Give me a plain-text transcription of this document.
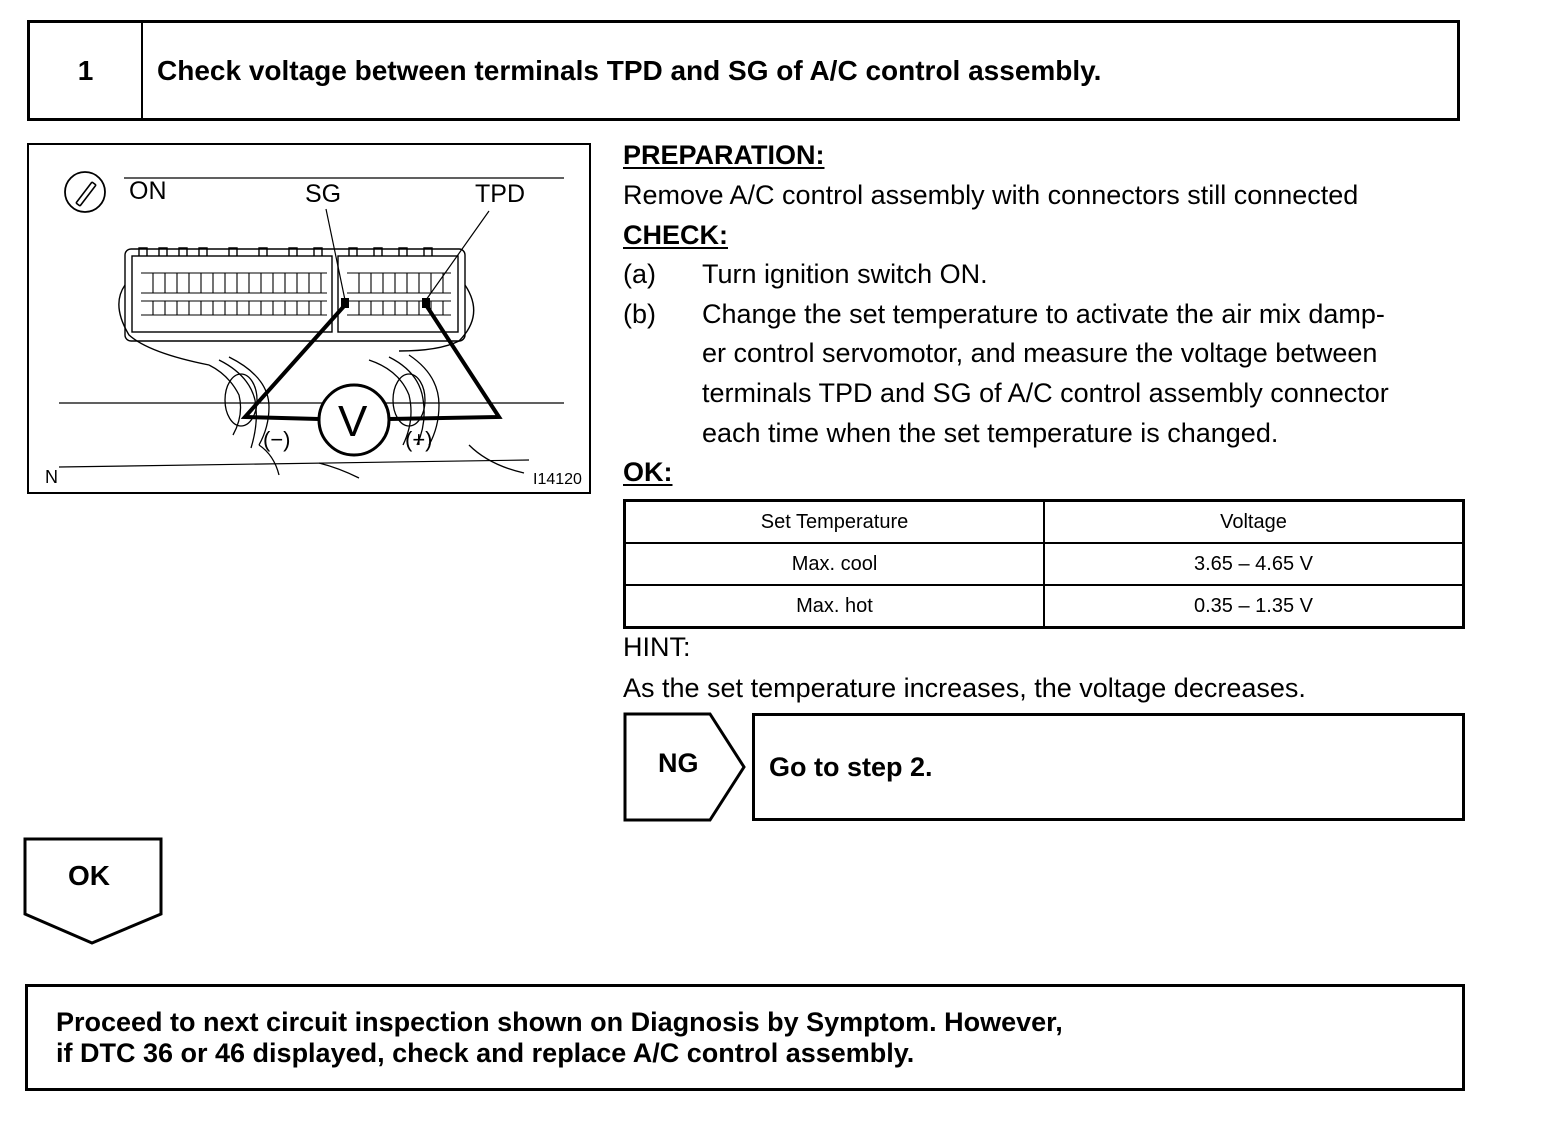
1	Check voltage between terminals TPD and SG of A/C control assembly.
ON	SG	TPD
V
(−)	(+)
N	I14120
PREPARATION:
Remove A/C control assembly with connectors still connected
CHECK:
(a) Turn ignition switch ON.
(b) Change the set temperature to activate the air mix damp-
er control servomotor, and measure the voltage between
terminals TPD and SG of A/C control assembly connector
each time when the set temperature is changed.
OK:
Set Temperature	Voltage
Max. cool	3.65 – 4.65 V
Max. hot	0.35 – 1.35 V
HINT:
As the set temperature increases, the voltage decreases.
NG	Go to step 2.
OK
Proceed to next circuit inspection shown on Diagnosis by Symptom. However,
if DTC 36 or 46 displayed, check and replace A/C control assembly.
